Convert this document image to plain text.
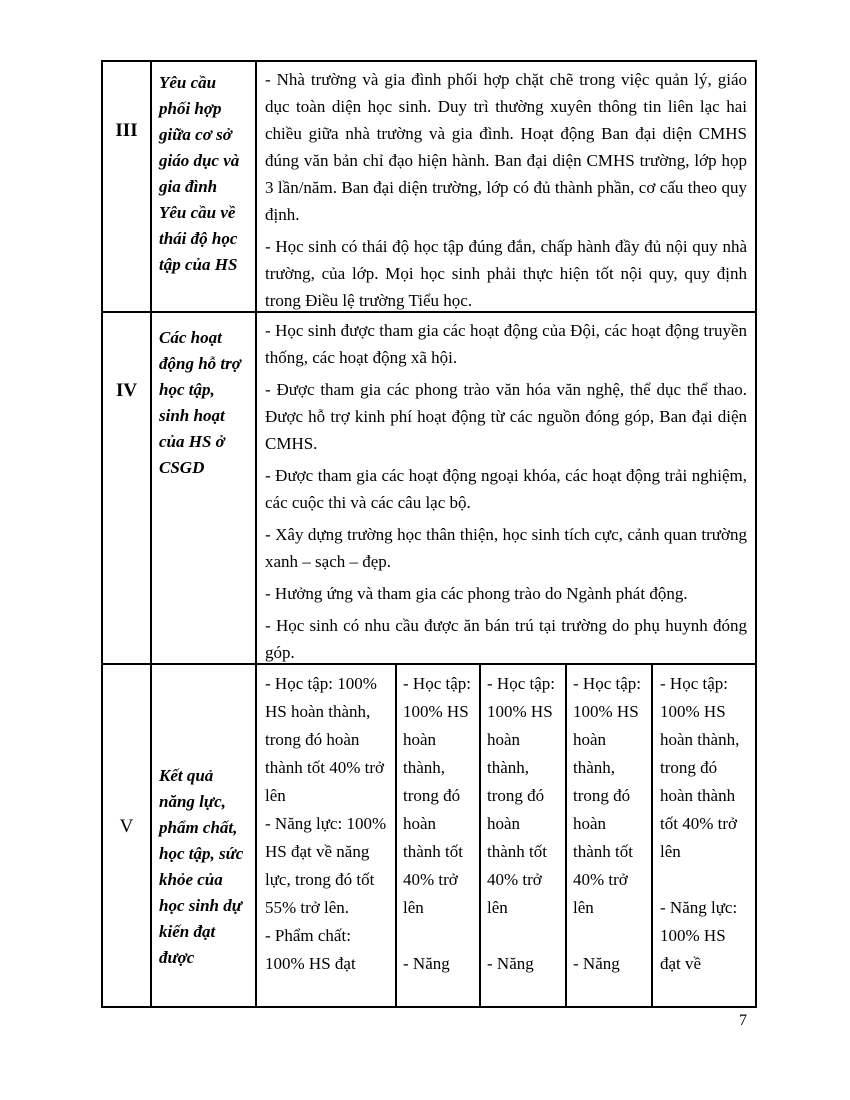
III
Yêu cầu phối hợp giữa cơ sở giáo dục và gia đình
Yêu cầu về thái độ học tập của HS

- Nhà trường và gia đình phối hợp chặt chẽ trong việc quản lý, giáo dục toàn diện học sinh. Duy trì thường xuyên thông tin liên lạc hai chiều giữa nhà trường và gia đình. Hoạt động Ban đại diện CMHS đúng văn bản chỉ đạo hiện hành. Ban đại diện CMHS trường, lớp họp 3 lần/năm. Ban đại diện trường, lớp có đủ thành phần, cơ cấu theo quy định.

- Học sinh có thái độ học tập đúng đắn, chấp hành đầy đủ nội quy nhà trường, của lớp. Mọi học sinh phải thực hiện tốt nội quy, quy định trong Điều lệ trường Tiểu học.

IV
Các hoạt động hỗ trợ học tập, sinh hoạt của HS ở CSGD

- Học sinh được tham gia các hoạt động của Đội, các hoạt động truyền thống, các hoạt động xã hội.

- Được tham gia các phong trào văn hóa văn nghệ, thể dục thể thao. Được hỗ trợ kinh phí hoạt động từ các nguồn đóng góp, Ban đại diện CMHS.

- Được tham gia các hoạt động ngoại khóa, các hoạt động trải nghiệm, các cuộc thi và các câu lạc bộ.

- Xây dựng trường học thân thiện, học sinh tích cực, cảnh quan trường xanh – sạch – đẹp.

- Hưởng ứng và tham gia các phong trào do Ngành phát động.

- Học sinh có nhu cầu được ăn bán trú tại trường do phụ huynh đóng góp.

V
Kết quả năng lực, phẩm chất, học tập, sức khỏe của học sinh dự kiến đạt được

- Học tập: 100% HS hoàn thành, trong đó hoàn thành tốt 40% trở lên

- Năng lực: 100% HS đạt về năng lực, trong đó tốt 55% trở lên.

- Phẩm chất: 100% HS đạt

- Học tập: 100% HS hoàn thành, trong đó hoàn thành tốt 40% trở lên

- Năng

- Học tập: 100% HS hoàn thành, trong đó hoàn thành tốt 40% trở lên

- Năng

- Học tập: 100% HS hoàn thành, trong đó hoàn thành tốt 40% trở lên

- Năng

- Học tập: 100% HS hoàn thành, trong đó hoàn thành tốt 40% trở lên

- Năng lực: 100% HS đạt về

7
